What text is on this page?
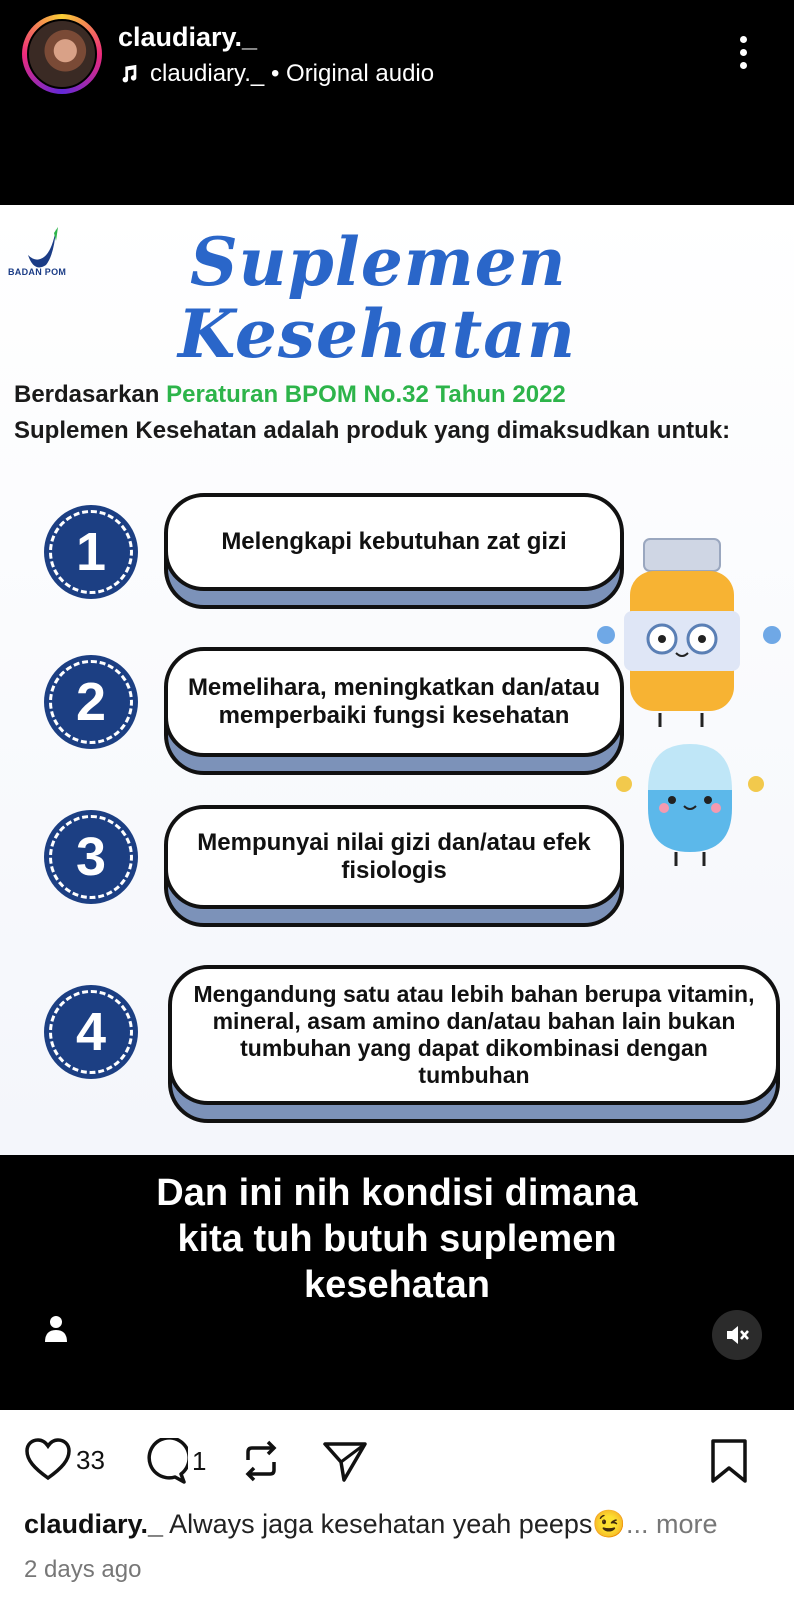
claudiary._
claudiary._ • Original audio
BADAN POM Suplemen
Kesehatan
Berdasarkan Peraturan BPOM No.32 Tahun 2022
Suplemen Kesehatan adalah produk yang dimaksudkan untuk:
1	Melengkapi kebutuhan zat gizi
2	Memelihara, meningkatkan dan/atau memperbaiki fungsi kesehatan
3	Mempunyai nilai gizi dan/atau efek fisiologis
4
Mengandung satu atau lebih bahan berupa vitamin, mineral, asam amino dan/atau bahan lain bukan tumbuhan yang dapat dikombinasi dengan tumbuhan
Dan ini nih kondisi dimana kita tuh butuh suplemen kesehatan
33	1
claudiary._ Always jaga kesehatan yeah peeps😉... more
2 days ago
